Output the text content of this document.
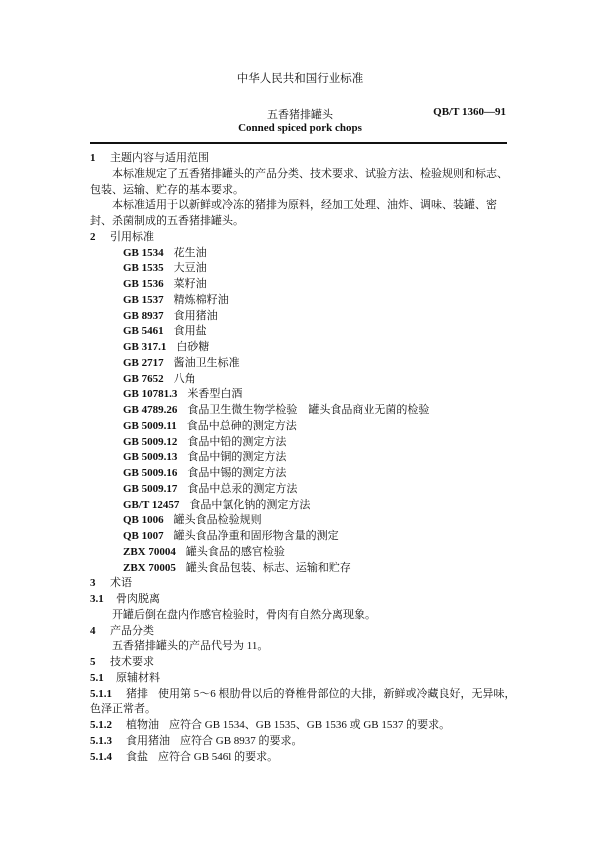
中华人民共和国行业标准
五香猪排罐头
Conned spiced pork chops
QB/T 1360—91
1 主题内容与适用范围
本标准规定了五香猪排罐头的产品分类、技术要求、试验方法、检验规则和标志、包装、运输、贮存的基本要求。
本标准适用于以新鲜或冷冻的猪排为原料，经加工处理、油炸、调味、装罐、密封、杀菌制成的五香猪排罐头。
2 引用标准
GB 1534 花生油
GB 1535 大豆油
GB 1536 菜籽油
GB 1537 精炼棉籽油
GB 8937 食用猪油
GB 5461 食用盐
GB 317.1 白砂糖
GB 2717 酱油卫生标准
GB 7652 八角
GB 10781.3 米香型白酒
GB 4789.26 食品卫生微生物学检验　罐头食品商业无菌的检验
GB 5009.11 食品中总砷的测定方法
GB 5009.12 食品中铅的测定方法
GB 5009.13 食品中铜的测定方法
GB 5009.16 食品中锡的测定方法
GB 5009.17 食品中总汞的测定方法
GB/T 12457 食品中氯化钠的测定方法
QB 1006 罐头食品检验规则
QB 1007 罐头食品净重和固形物含量的测定
ZBX 70004 罐头食品的感官检验
ZBX 70005 罐头食品包装、标志、运输和贮存
3 术语
3.1 骨肉脱离
开罐后倒在盘内作感官检验时，骨肉有自然分离现象。
4 产品分类
五香猪排罐头的产品代号为 11。
5 技术要求
5.1 原辅材料
5.1.1 猪排 使用第 5～6 根肋骨以后的脊椎骨部位的大排，新鲜或冷藏良好，无异味，
色泽正常者。
5.1.2 植物油 应符合 GB 1534、GB 1535、GB 1536 或 GB 1537 的要求。
5.1.3 食用猪油 应符合 GB 8937 的要求。
5.1.4 食盐 应符合 GB 546l 的要求。
